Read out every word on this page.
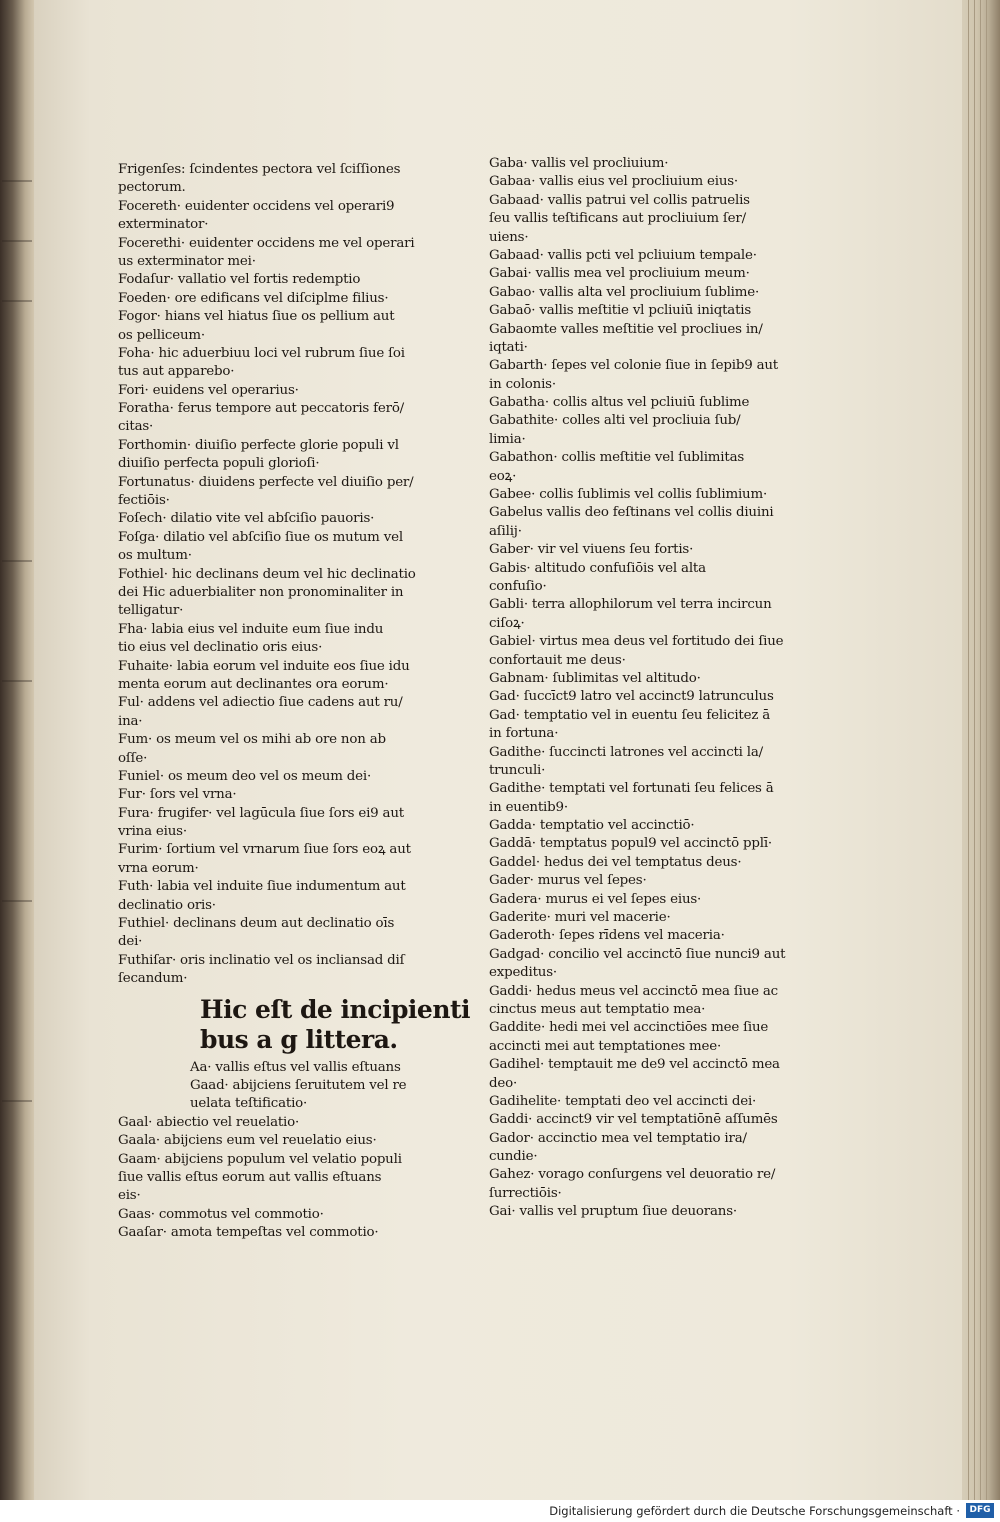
Frigenſes: ſcindentes pectora vel ſciſſiones
pectorum.
Focereth· euidenter occidens vel operari9
exterminator·
Focerethi· euidenter occidens me vel operari
us exterminator mei·
Fodaſur· vallatio vel fortis redemptio
Foeden· ore edificans vel diſciplme filius·
Fogor· hians vel hiatus ſiue os pellium aut
os pelliceum·
Foha· hic aduerbiuu loci vel rubrum ſiue ſoi
tus aut apparebo·
Fori· euidens vel operarius·
Foratha· ferus tempore aut peccatoris ferō/
citas·
Forthomin· diuiſio perfecte glorie populi vl
diuiſio perfecta populi glorioſi·
Fortunatus· diuidens perfecte vel diuiſio per/
fectiōis·
Foſech· dilatio vite vel abſciſio pauoris·
Foſga· dilatio vel abſciſio ſiue os mutum vel
os multum·
Fothiel· hic declinans deum vel hic declinatio
dei Hic aduerbialiter non pronominaliter in
telligatur·
Fha· labia eius vel induite eum ſiue indu
tio eius vel declinatio oris eius·
Fuhaite· labia eorum vel induite eos ſiue idu
menta eorum aut declinantes ora eorum·
Ful· addens vel adiectio ſiue cadens aut ru/
ina·
Fum· os meum vel os mihi ab ore non ab
oſſe·
Funiel· os meum deo vel os meum dei·
Fur· ſors vel vrna·
Fura· frugifer· vel lagūcula ſiue ſors ei9 aut
vrina eius·
Furim· ſortium vel vrnarum ſiue ſors eoꝝ aut
vrna eorum·
Futh· labia vel induite ſiue indumentum aut
declinatio oris·
Futhiel· declinans deum aut declinatio oīs
dei·
Futhiſar· oris inclinatio vel os incliansad diſ
ſecandum·
Hic eſt de incipienti
bus a g littera.
Aa· vallis eſtus vel vallis eſtuans
Gaad· abijciens ſeruitutem vel re
uelata teſtificatio·
Gaal· abiectio vel reuelatio·
Gaala· abijciens eum vel reuelatio eius·
Gaam· abijciens populum vel velatio populi
ſiue vallis eſtus eorum aut vallis eſtuans
eis·
Gaas· commotus vel commotio·
Gaaſar· amota tempeſtas vel commotio·
Gaba· vallis vel procliuium·
Gabaa· vallis eius vel procliuium eius·
Gabaad· vallis patrui vel collis patruelis
ſeu vallis teſtificans aut procliuium ſer/
uiens·
Gabaad· vallis pcti vel pcliuium tempale·
Gabai· vallis mea vel procliuium meum·
Gabao· vallis alta vel procliuium ſublime·
Gabaō· vallis meſtitie vl pcliuiū iniqtatis
Gabaomte valles meſtitie vel procliues in/
iqtati·
Gabarth· ſepes vel colonie ſiue in ſepib9 aut
in colonis·
Gabatha· collis altus vel pcliuiū ſublime
Gabathite· colles alti vel procliuia ſub/
limia·
Gabathon· collis meſtitie vel ſublimitas
eoꝝ·
Gabee· collis ſublimis vel collis ſublimium·
Gabelus vallis deo feſtinans vel collis diuini
aſilij·
Gaber· vir vel viuens ſeu fortis·
Gabis· altitudo confuſiōis vel alta
confuſio·
Gabli· terra allophilorum vel terra incircun
ciſoꝝ·
Gabiel· virtus mea deus vel fortitudo dei ſiue
confortauit me deus·
Gabnam· ſublimitas vel altitudo·
Gad· ſuccīct9 latro vel accinct9 latrunculus
Gad· temptatio vel in euentu ſeu felicitez ā
in fortuna·
Gadithe· ſuccincti latrones vel accincti la/
trunculi·
Gadithe· temptati vel fortunati ſeu felices ā
in euentib9·
Gadda· temptatio vel accinctiō·
Gaddā· temptatus popul9 vel accinctō pplī·
Gaddel· hedus dei vel temptatus deus·
Gader· murus vel ſepes·
Gadera· murus ei vel ſepes eius·
Gaderite· muri vel macerie·
Gaderoth· ſepes rīdens vel maceria·
Gadgad· concilio vel accinctō ſiue nunci9 aut
expeditus·
Gaddi· hedus meus vel accinctō mea ſiue ac
cinctus meus aut temptatio mea·
Gaddite· hedi mei vel accinctiōes mee ſiue
accincti mei aut temptationes mee·
Gadihel· temptauit me de9 vel accinctō mea
deo·
Gadihelite· temptati deo vel accincti dei·
Gaddi· accinct9 vir vel temptatiōnē aſſumēs
Gador· accinctio mea vel temptatio ira/
cundie·
Gahez· vorago conſurgens vel deuoratio re/
ſurrectiōis·
Gai· vallis vel pruptum ſiue deuorans·
Digitalisierung gefördert durch die Deutsche Forschungsgemeinschaft ·	DFG
